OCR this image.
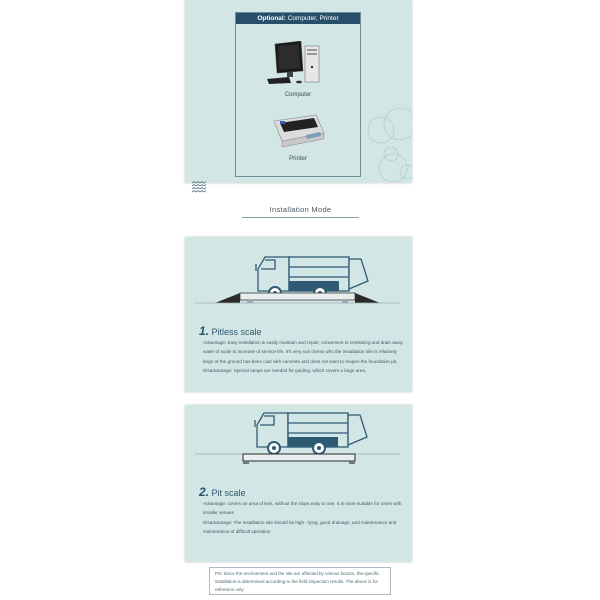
Optional: Computer, Printer
Computer
Printer
Installation Mode
1. Pitless scale
Advantage: Easy installation & easily maintain and repair; convenient to ventilating and drain away water of scale to increase of service life. It's very suit clients who the installation site is relatively large or the ground has been cast with concrete and does not want to reopen the foundation pit.
Disadvantage: Special ramps are needed for guiding, which covers a large area.
2. Pit scale
Advantage: covers an area of less, without the slope,easy to use. It is more suitable for users with smaller venues
Disadvantage: The installation site should be high - lying, good drainage, and maintenance and
maintenance of difficult operation
PS: Since the environment and the site are affected by various factors, the specific installation is determined according to the field inspection results. The above is for reference only.
